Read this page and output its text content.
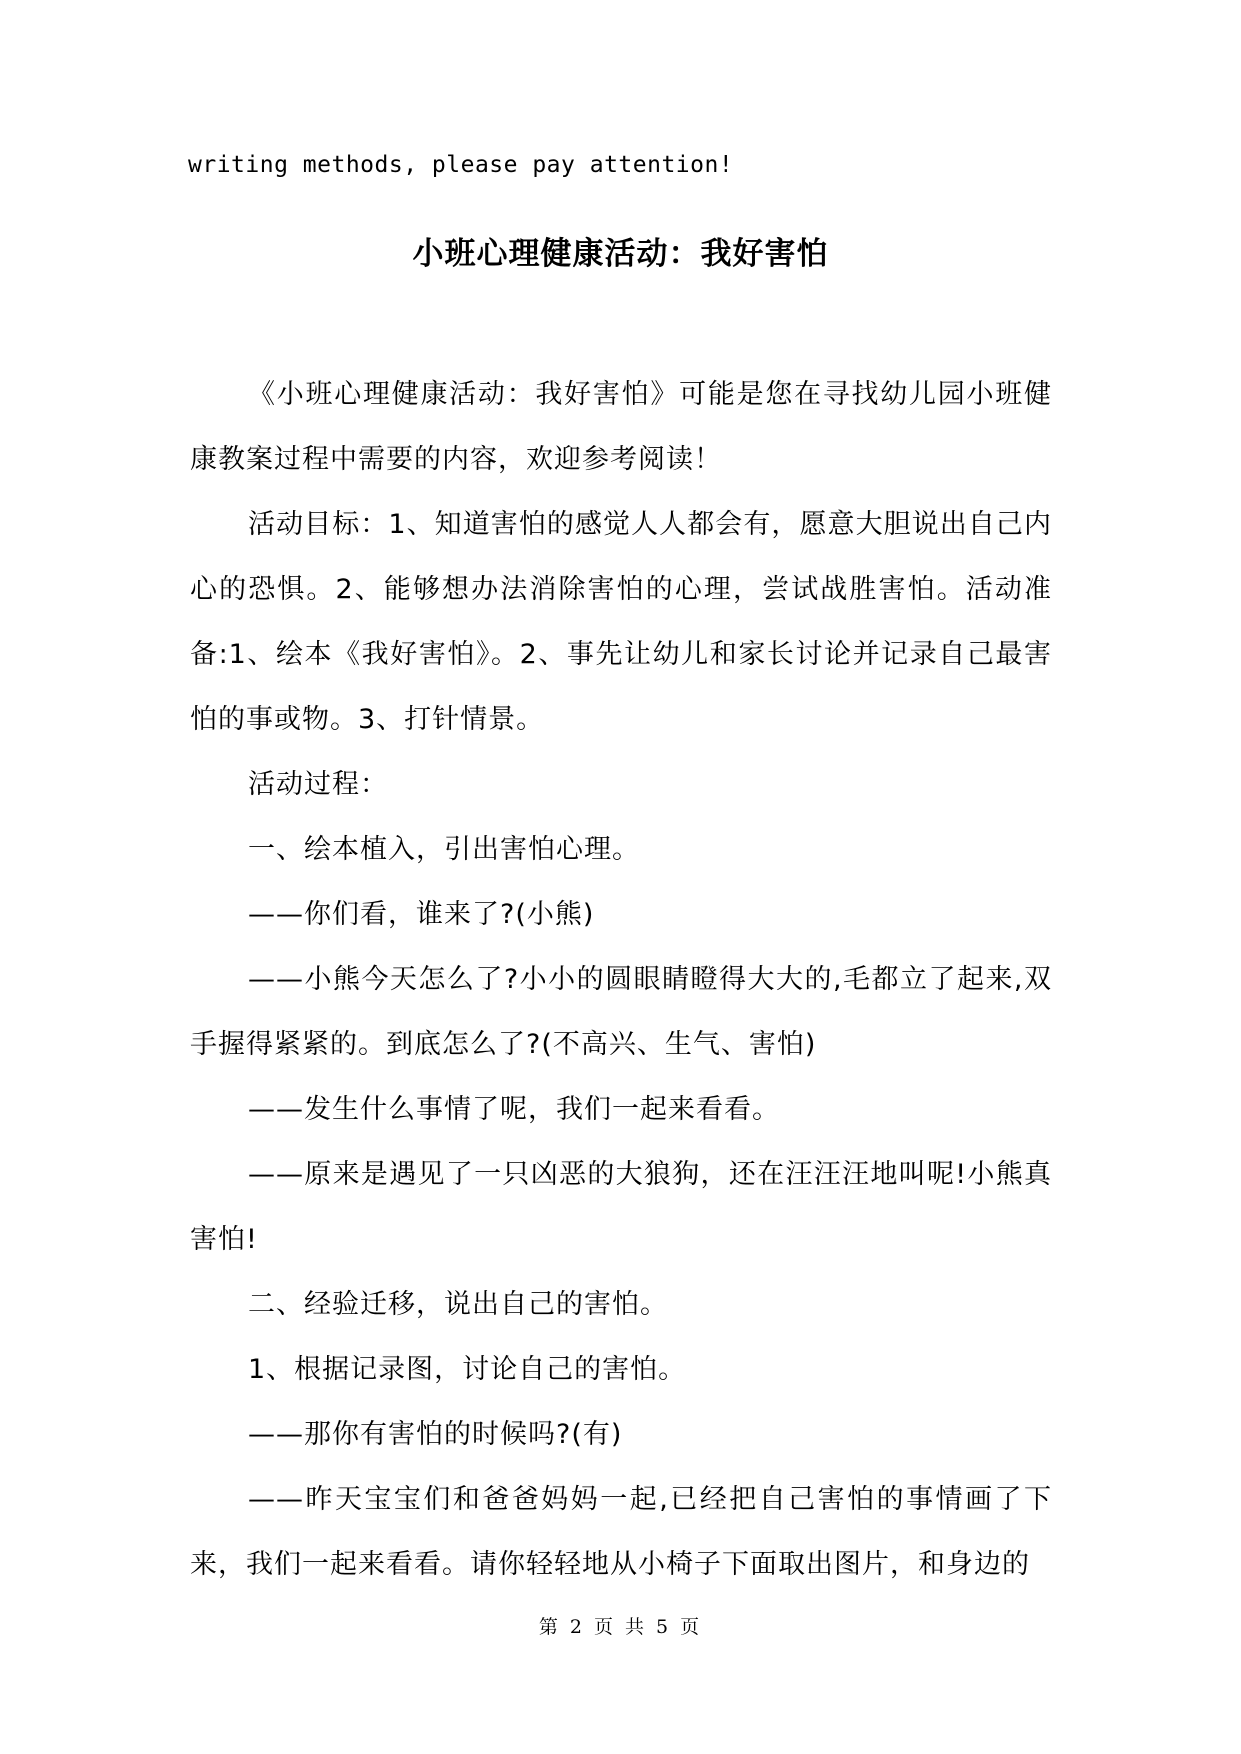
writing methods, please pay attention!
小班心理健康活动：我好害怕

《小班心理健康活动：我好害怕》可能是您在寻找幼儿园小班健康教案过程中需要的内容，欢迎参考阅读！

活动目标：1、知道害怕的感觉人人都会有，愿意大胆说出自己内心的恐惧。2、能够想办法消除害怕的心理，尝试战胜害怕。活动准备:1、绘本《我好害怕》。2、事先让幼儿和家长讨论并记录自己最害怕的事或物。3、打针情景。

活动过程：

一、绘本植入，引出害怕心理。

——你们看，谁来了?(小熊)

——小熊今天怎么了?小小的圆眼睛瞪得大大的,毛都立了起来,双手握得紧紧的。到底怎么了?(不高兴、生气、害怕)

——发生什么事情了呢，我们一起来看看。

——原来是遇见了一只凶恶的大狼狗，还在汪汪汪地叫呢!小熊真害怕!

二、经验迁移，说出自己的害怕。

1、根据记录图，讨论自己的害怕。

——那你有害怕的时候吗?(有)

——昨天宝宝们和爸爸妈妈一起,已经把自己害怕的事情画了下来，我们一起来看看。请你轻轻地从小椅子下面取出图片，和身边的

第 2 页 共 5 页
